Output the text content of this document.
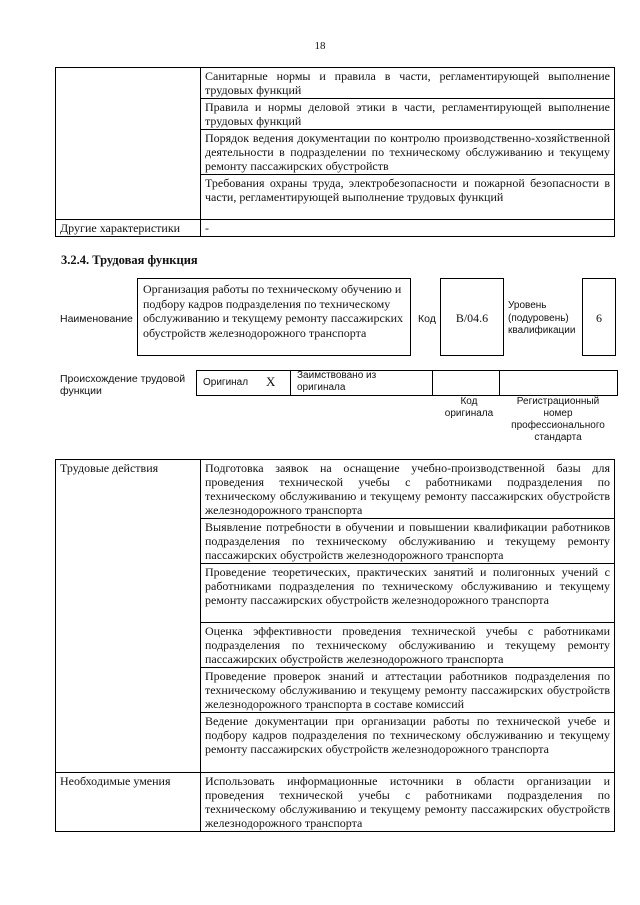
18
	Санитарные нормы и правила в части, регламентирующей выполнение трудовых функций
	Правила и нормы деловой этики в части, регламентирующей выполнение трудовых функций
	Порядок ведения документации по контролю производственно-хозяйственной деятельности в подразделении по техническому обслуживанию и текущему ремонту пассажирских обустройств
	Требования охраны труда, электробезопасности и пожарной безопасности в части, регламентирующей выполнение трудовых функций
Другие характеристики	-
3.2.4. Трудовая функция
Наименование
Организация работы по техническому обучению и подбору кадров подразделения по техническому обслуживанию и текущему ремонту пассажирских обустройств железнодорожного транспорта
Код	B/04.6
Уровень (подуровень) квалификации
6
Происхождение трудовой функции
Оригинал X Заимствовано из оригинала
Код оригинала
Регистрационный номер профессионального стандарта
Трудовые действия	Подготовка заявок на оснащение учебно-производственной базы для проведения технической учебы с работниками подразделения по техническому обслуживанию и текущему ремонту пассажирских обустройств железнодорожного транспорта
	Выявление потребности в обучении и повышении квалификации работников подразделения по техническому обслуживанию и текущему ремонту пассажирских обустройств железнодорожного транспорта
	Проведение теоретических, практических занятий и полигонных учений с работниками подразделения по техническому обслуживанию и текущему ремонту пассажирских обустройств железнодорожного транспорта
	Оценка эффективности проведения технической учебы с работниками подразделения по техническому обслуживанию и текущему ремонту пассажирских обустройств железнодорожного транспорта
	Проведение проверок знаний и аттестации работников подразделения по техническому обслуживанию и текущему ремонту пассажирских обустройств железнодорожного транспорта в составе комиссий
	Ведение документации при организации работы по технической учебе и подбору кадров подразделения по техническому обслуживанию и текущему ремонту пассажирских обустройств железнодорожного транспорта
Необходимые умения	Использовать информационные источники в области организации и проведения технической учебы с работниками подразделения по техническому обслуживанию и текущему ремонту пассажирских обустройств железнодорожного транспорта
